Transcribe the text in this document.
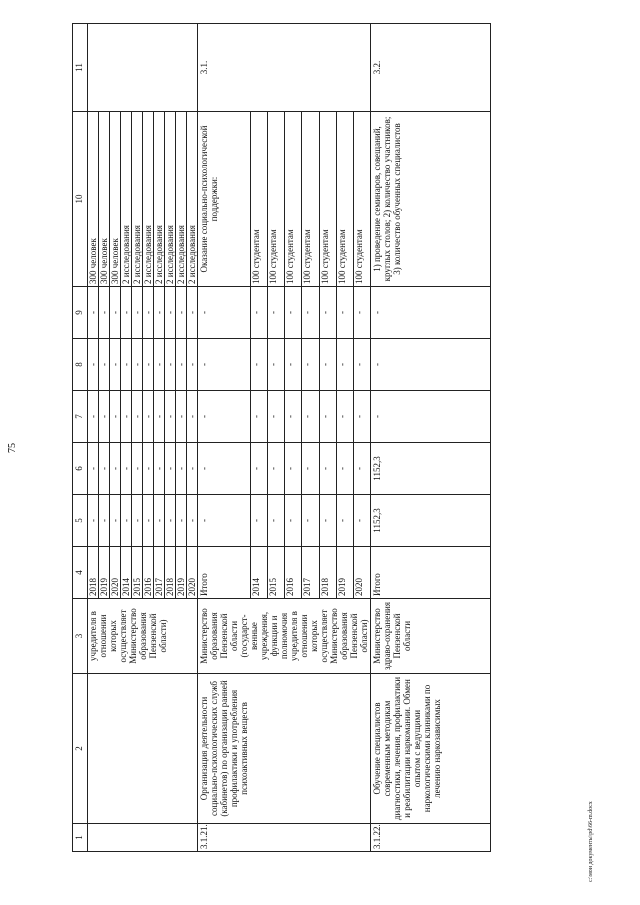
75
1	2	3	4	5	6	7	8	9	10	11
		учредителя в отношении которых осуществляет Министерство образования Пензенской области)	2018	-	-	-	-	-	300 человек	
			2019	-	-	-	-	-	300 человек	
			2020	-	-	-	-	-	300 человек	
			2014	-	-	-	-	-	2 исследования	
			2015	-	-	-	-	-	2 исследования	
			2016	-	-	-	-	-	2 исследования	
			2017	-	-	-	-	-	2 исследования	
			2018	-	-	-	-	-	2 исследования	
			2019	-	-	-	-	-	2 исследования	
			2020	-	-	-	-	-	2 исследования	
3.1.21.	Организация деятельности социально-психологических служб (кабинетов) по организации ранней профилактики и употребления психоактивных веществ	Министерство образования Пензенской области (государст-венные учреждения, функции и полномочия учредителя в отношении которых осуществляет Министерство образования Пензенской области)	Итого	-	-	-	-	-	Оказание социально-психологической поддержки:	3.1.
			2014	-	-	-	-	-	100 студентам	
			2015	-	-	-	-	-	100 студентам	
			2016	-	-	-	-	-	100 студентам	
			2017	-	-	-	-	-	100 студентам	
			2018	-	-	-	-	-	100 студентам	
			2019	-	-	-	-	-	100 студентам	
			2020	-	-	-	-	-	100 студентам	
3.1.22.	Обучение специалистов современным методикам диагностики, лечения, профилактики и реабилитации наркомании. Обмен опытом с ведущими наркологическими клиниками по лечению наркозависимых	Министерство здраво-охранения Пензенской области	Итого	1152,3	1152,3	-	-	-	1) проведение семинаров, совещаний, круглых столов; 2) количество участников; 3) количество обученных специалистов	3.2.
c:\мои документы\pd\66-m.docx
